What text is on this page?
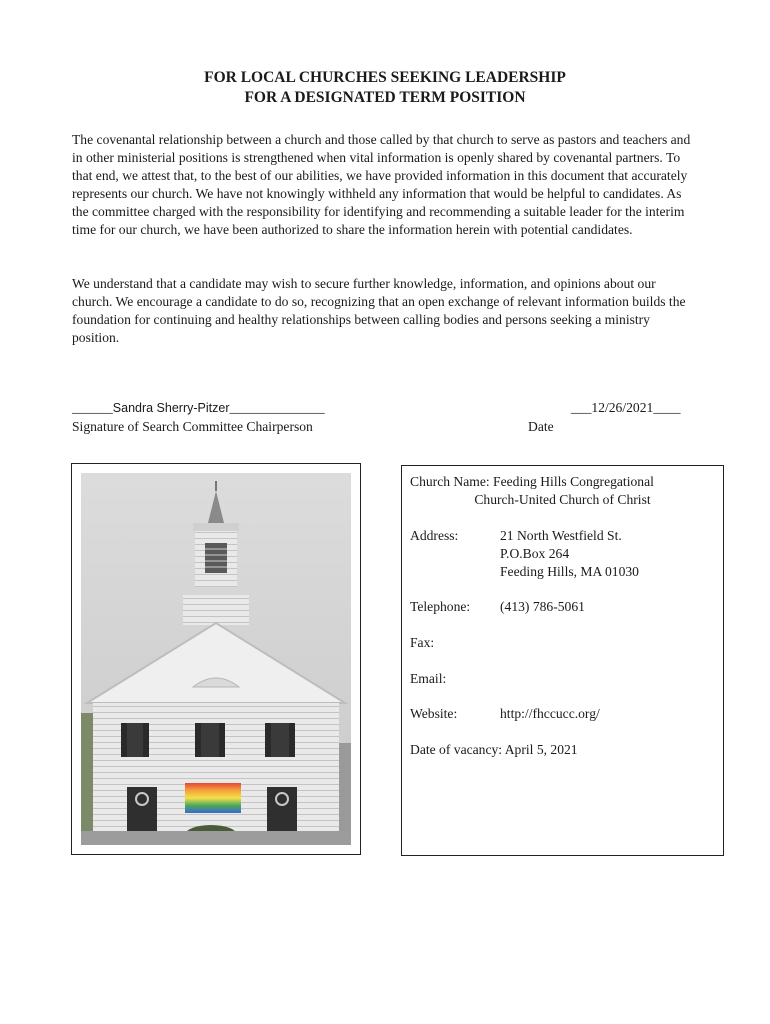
FOR LOCAL CHURCHES SEEKING LEADERSHIP
FOR A DESIGNATED TERM POSITION

The covenantal relationship between a church and those called by that church to serve as pastors and teachers and in other ministerial positions is strengthened when vital information is openly shared by covenantal partners. To that end, we attest that, to the best of our abilities, we have provided information in this document that accurately represents our church. We have not knowingly withheld any information that would be helpful to candidates. As the committee charged with the responsibility for identifying and recommending a suitable leader for the interim time for our church, we have been authorized to share the information herein with potential candidates.

We understand that a candidate may wish to secure further knowledge, information, and opinions about our church. We encourage a candidate to do so, recognizing that an open exchange of relevant information builds the foundation for continuing and healthy relationships between calling bodies and persons seeking a ministry position.

______Sandra Sherry-Pitzer______________
Signature of Search Committee Chairperson
___12/26/2021____
Date
Church Name: Feeding Hills Congregational
Church-United Church of Christ
Address:	21 North Westfield St.
P.O.Box 264
Feeding Hills, MA 01030
Telephone: (413) 786-5061
Fax:
Email:
Website:	http://fhccucc.org/
Date of vacancy: April 5, 2021
